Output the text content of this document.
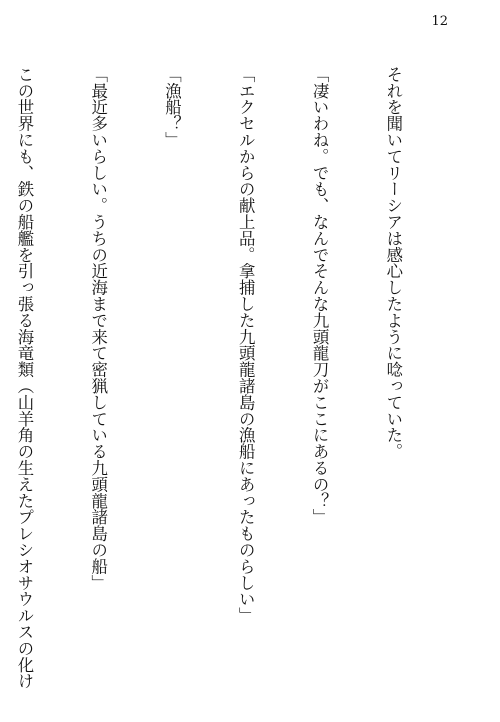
12

それを聞いてリーシアは感心したように唸っていた。

「凄いわね。でも、なんでそんな九頭龍刀がここにあるの？」

「エクセルからの献上品。拿捕した九頭龍諸島の漁船にあったものらしい」

「漁船？」

「最近多いらしい。うちの近海まで来て密猟している九頭龍諸島の船」

この世界にも、鉄の船艦を引っ張る海竜類（山羊角の生えたプレシオサウルスの化け
